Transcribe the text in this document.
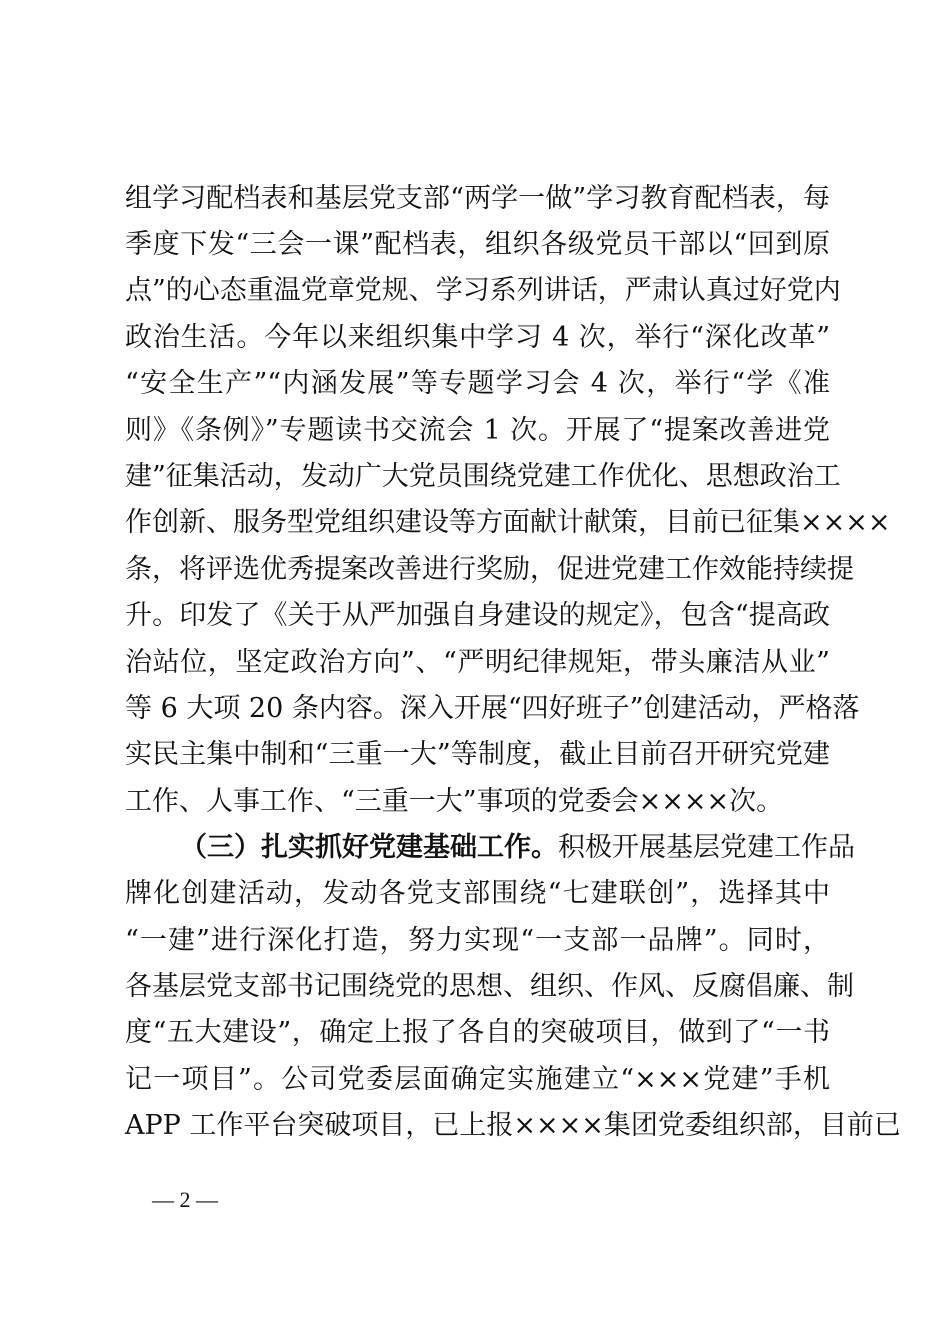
组学习配档表和基层党支部“两学一做”学习教育配档表，每
季度下发“三会一课”配档表，组织各级党员干部以“回到原
点”的心态重温党章党规、学习系列讲话，严肃认真过好党内
政治生活。今年以来组织集中学习 4 次，举行“深化改革”
“安全生产”“内涵发展”等专题学习会 4 次，举行“学《准
则》《条例》”专题读书交流会 1 次。开展了“提案改善进党
建”征集活动，发动广大党员围绕党建工作优化、思想政治工
作创新、服务型党组织建设等方面献计献策，目前已征集××××
条，将评选优秀提案改善进行奖励，促进党建工作效能持续提
升。印发了《关于从严加强自身建设的规定》，包含“提高政
治站位，坚定政治方向”、“严明纪律规矩，带头廉洁从业”
等 6 大项 20 条内容。深入开展“四好班子”创建活动，严格落
实民主集中制和“三重一大”等制度，截止目前召开研究党建
工作、人事工作、“三重一大”事项的党委会××××次。
（三）扎实抓好党建基础工作。积极开展基层党建工作品
牌化创建活动，发动各党支部围绕“七建联创”，选择其中
“一建”进行深化打造，努力实现“一支部一品牌”。同时，
各基层党支部书记围绕党的思想、组织、作风、反腐倡廉、制
度“五大建设”，确定上报了各自的突破项目，做到了“一书
记一项目”。公司党委层面确定实施建立“×××党建”手机
APP 工作平台突破项目，已上报××××集团党委组织部，目前已
— 2 —
